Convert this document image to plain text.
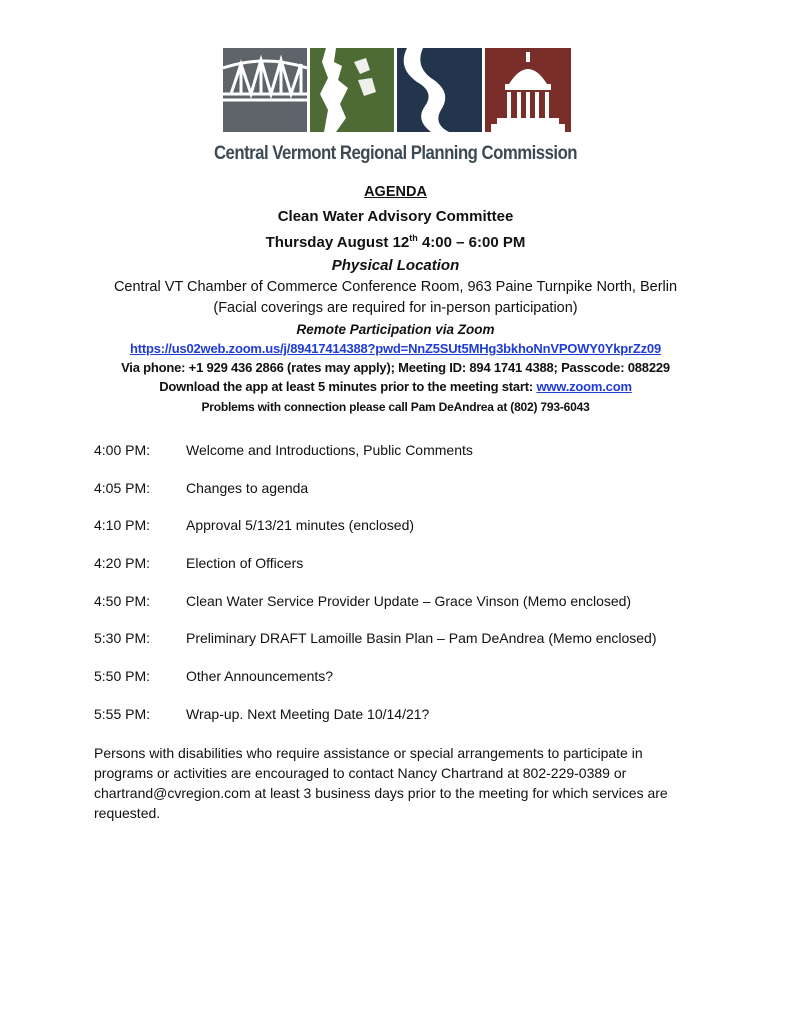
Central Vermont Regional Planning Commission
AGENDA
Clean Water Advisory Committee
Thursday August 12th 4:00 – 6:00 PM
Physical Location
Central VT Chamber of Commerce Conference Room, 963 Paine Turnpike North, Berlin
(Facial coverings are required for in-person participation)
Remote Participation via Zoom
https://us02web.zoom.us/j/89417414388?pwd=NnZ5SUt5MHg3bkhoNnVPOWY0YkprZz09
Via phone: +1 929 436 2866 (rates may apply); Meeting ID: 894 1741 4388; Passcode: 088229
Download the app at least 5 minutes prior to the meeting start: www.zoom.com
Problems with connection please call Pam DeAndrea at (802) 793-6043
4:00 PM:	Welcome and Introductions, Public Comments
4:05 PM:	Changes to agenda
4:10 PM:	Approval 5/13/21 minutes (enclosed)
4:20 PM:	Election of Officers
4:50 PM:	Clean Water Service Provider Update – Grace Vinson (Memo enclosed)
5:30 PM:	Preliminary DRAFT Lamoille Basin Plan – Pam DeAndrea (Memo enclosed)
5:50 PM:	Other Announcements?
5:55 PM:	Wrap-up. Next Meeting Date 10/14/21?
Persons with disabilities who require assistance or special arrangements to participate in programs or activities are encouraged to contact Nancy Chartrand at 802-229-0389 or chartrand@cvregion.com at least 3 business days prior to the meeting for which services are requested.
